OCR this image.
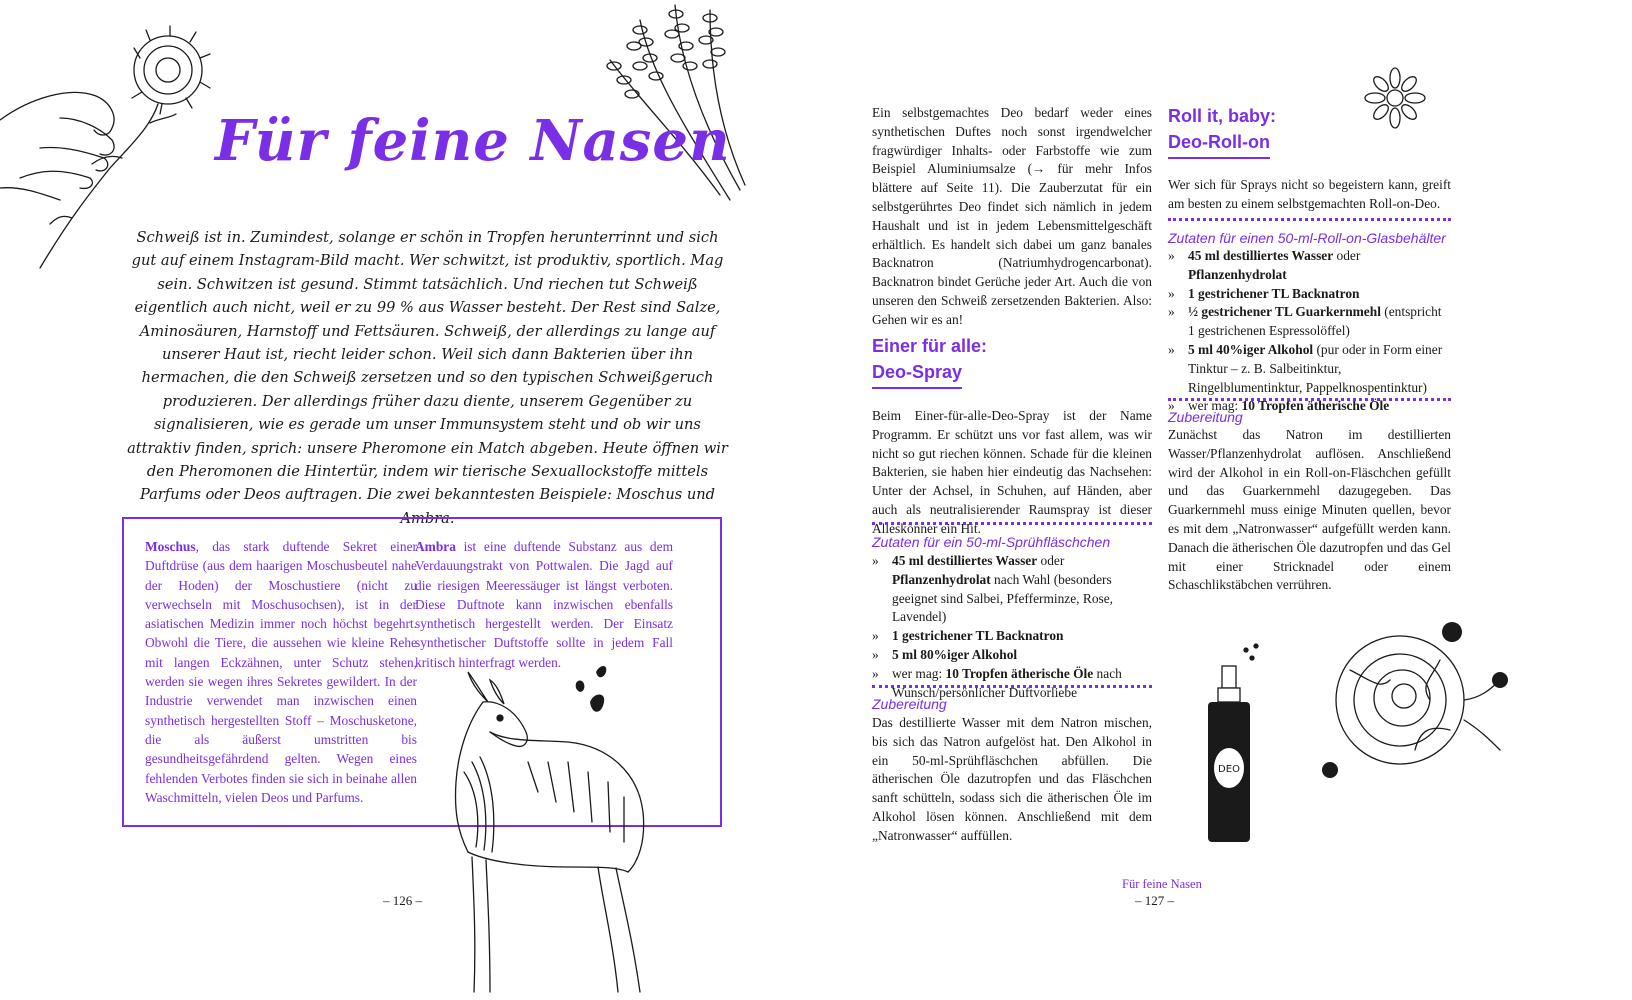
Für feine Nasen
Schweiß ist in. Zumindest, solange er schön in Tropfen herunterrinnt und sich gut auf einem Instagram-Bild macht. Wer schwitzt, ist produktiv, sportlich. Mag sein. Schwitzen ist gesund. Stimmt tatsächlich. Und riechen tut Schweiß eigentlich auch nicht, weil er zu 99 % aus Wasser besteht. Der Rest sind Salze, Aminosäuren, Harnstoff und Fettsäuren. Schweiß, der allerdings zu lange auf unserer Haut ist, riecht leider schon. Weil sich dann Bakterien über ihn hermachen, die den Schweiß zersetzen und so den typischen Schweißgeruch produzieren. Der allerdings früher dazu diente, unserem Gegenüber zu signalisieren, wie es gerade um unser Immunsystem steht und ob wir uns attraktiv finden, sprich: unsere Pheromone ein Match abgeben. Heute öffnen wir den Pheromonen die Hintertür, indem wir tierische Sexuallockstoffe mittels Parfums oder Deos auftragen. Die zwei bekanntesten Beispiele: Moschus und Ambra.
Moschus, das stark duftende Sekret einer Duftdrüse (aus dem haarigen Moschusbeutel nahe der Hoden) der Moschustiere (nicht zu verwechseln mit Moschusochsen), ist in der asiatischen Medizin immer noch höchst begehrt. Obwohl die Tiere, die aussehen wie kleine Rehe mit langen Eckzähnen, unter Schutz stehen, werden sie wegen ihres Sekretes gewildert. In der Industrie verwendet man inzwischen einen synthetisch hergestellten Stoff – Moschusketone, die als äußerst umstritten bis gesundheitsgefährdend gelten. Wegen eines fehlenden Verbotes finden sie sich in beinahe allen Waschmitteln, vielen Deos und Parfums.
Ambra ist eine duftende Substanz aus dem Verdauungstrakt von Pottwalen. Die Jagd auf die riesigen Meeressäuger ist längst verboten. Diese Duftnote kann inzwischen ebenfalls synthetisch hergestellt werden. Der Einsatz synthetischer Duftstoffe sollte in jedem Fall kritisch hinterfragt werden.
– 126 –
Ein selbstgemachtes Deo bedarf weder eines synthetischen Duftes noch sonst irgendwelcher fragwürdiger Inhalts- oder Farbstoffe wie zum Beispiel Aluminiumsalze (→ für mehr Infos blättere auf Seite 11). Die Zauberzutat für ein selbstgerührtes Deo findet sich nämlich in jedem Haushalt und ist in jedem Lebensmittelgeschäft erhältlich. Es handelt sich dabei um ganz banales Backnatron (Natriumhydrogencarbonat). Backnatron bindet Gerüche jeder Art. Auch die von unseren den Schweiß zersetzenden Bakterien. Also: Gehen wir es an!
Einer für alle:
Deo-Spray
Beim Einer-für-alle-Deo-Spray ist der Name Programm. Er schützt uns vor fast allem, was wir nicht so gut riechen können. Schade für die kleinen Bakterien, sie haben hier eindeutig das Nachsehen: Unter der Achsel, in Schuhen, auf Händen, aber auch als neutralisierender Raumspray ist dieser Alleskönner ein Hit.
Zutaten für ein 50-ml-Sprühfläschchen
» 45 ml destilliertes Wasser oder Pflanzenhydrolat nach Wahl (besonders geeignet sind Salbei, Pfefferminze, Rose, Lavendel)
» 1 gestrichener TL Backnatron
» 5 ml 80%iger Alkohol
» wer mag: 10 Tropfen ätherische Öle nach Wunsch/persönlicher Duftvorliebe
Zubereitung
Das destillierte Wasser mit dem Natron mischen, bis sich das Natron aufgelöst hat. Den Alkohol in ein 50-ml-Sprühfläschchen abfüllen. Die ätherischen Öle dazutropfen und das Fläschchen sanft schütteln, sodass sich die ätherischen Öle im Alkohol lösen können. Anschließend mit dem „Natronwasser“ auffüllen.
Roll it, baby:
Deo-Roll-on
Wer sich für Sprays nicht so begeistern kann, greift am besten zu einem selbstgemachten Roll-on-Deo.
Zutaten für einen 50-ml-Roll-on-Glasbehälter
» 45 ml destilliertes Wasser oder Pflanzenhydrolat
» 1 gestrichener TL Backnatron
» ½ gestrichener TL Guarkernmehl (entspricht 1 gestrichenen Espressolöffel)
» 5 ml 40%iger Alkohol (pur oder in Form einer Tinktur – z. B. Salbeitinktur, Ringelblumentinktur, Pappelknospentinktur)
» wer mag: 10 Tropfen ätherische Öle
Zubereitung
Zunächst das Natron im destillierten Wasser/Pflanzenhydrolat auflösen. Anschließend wird der Alkohol in ein Roll-on-Fläschchen gefüllt und das Guarkernmehl dazugegeben. Das Guarkernmehl muss einige Minuten quellen, bevor es mit dem „Natronwasser“ aufgefüllt werden kann. Danach die ätherischen Öle dazutropfen und das Gel mit einer Stricknadel oder einem Schaschlikstäbchen verrühren.
DEO
Für feine Nasen
– 127 –
